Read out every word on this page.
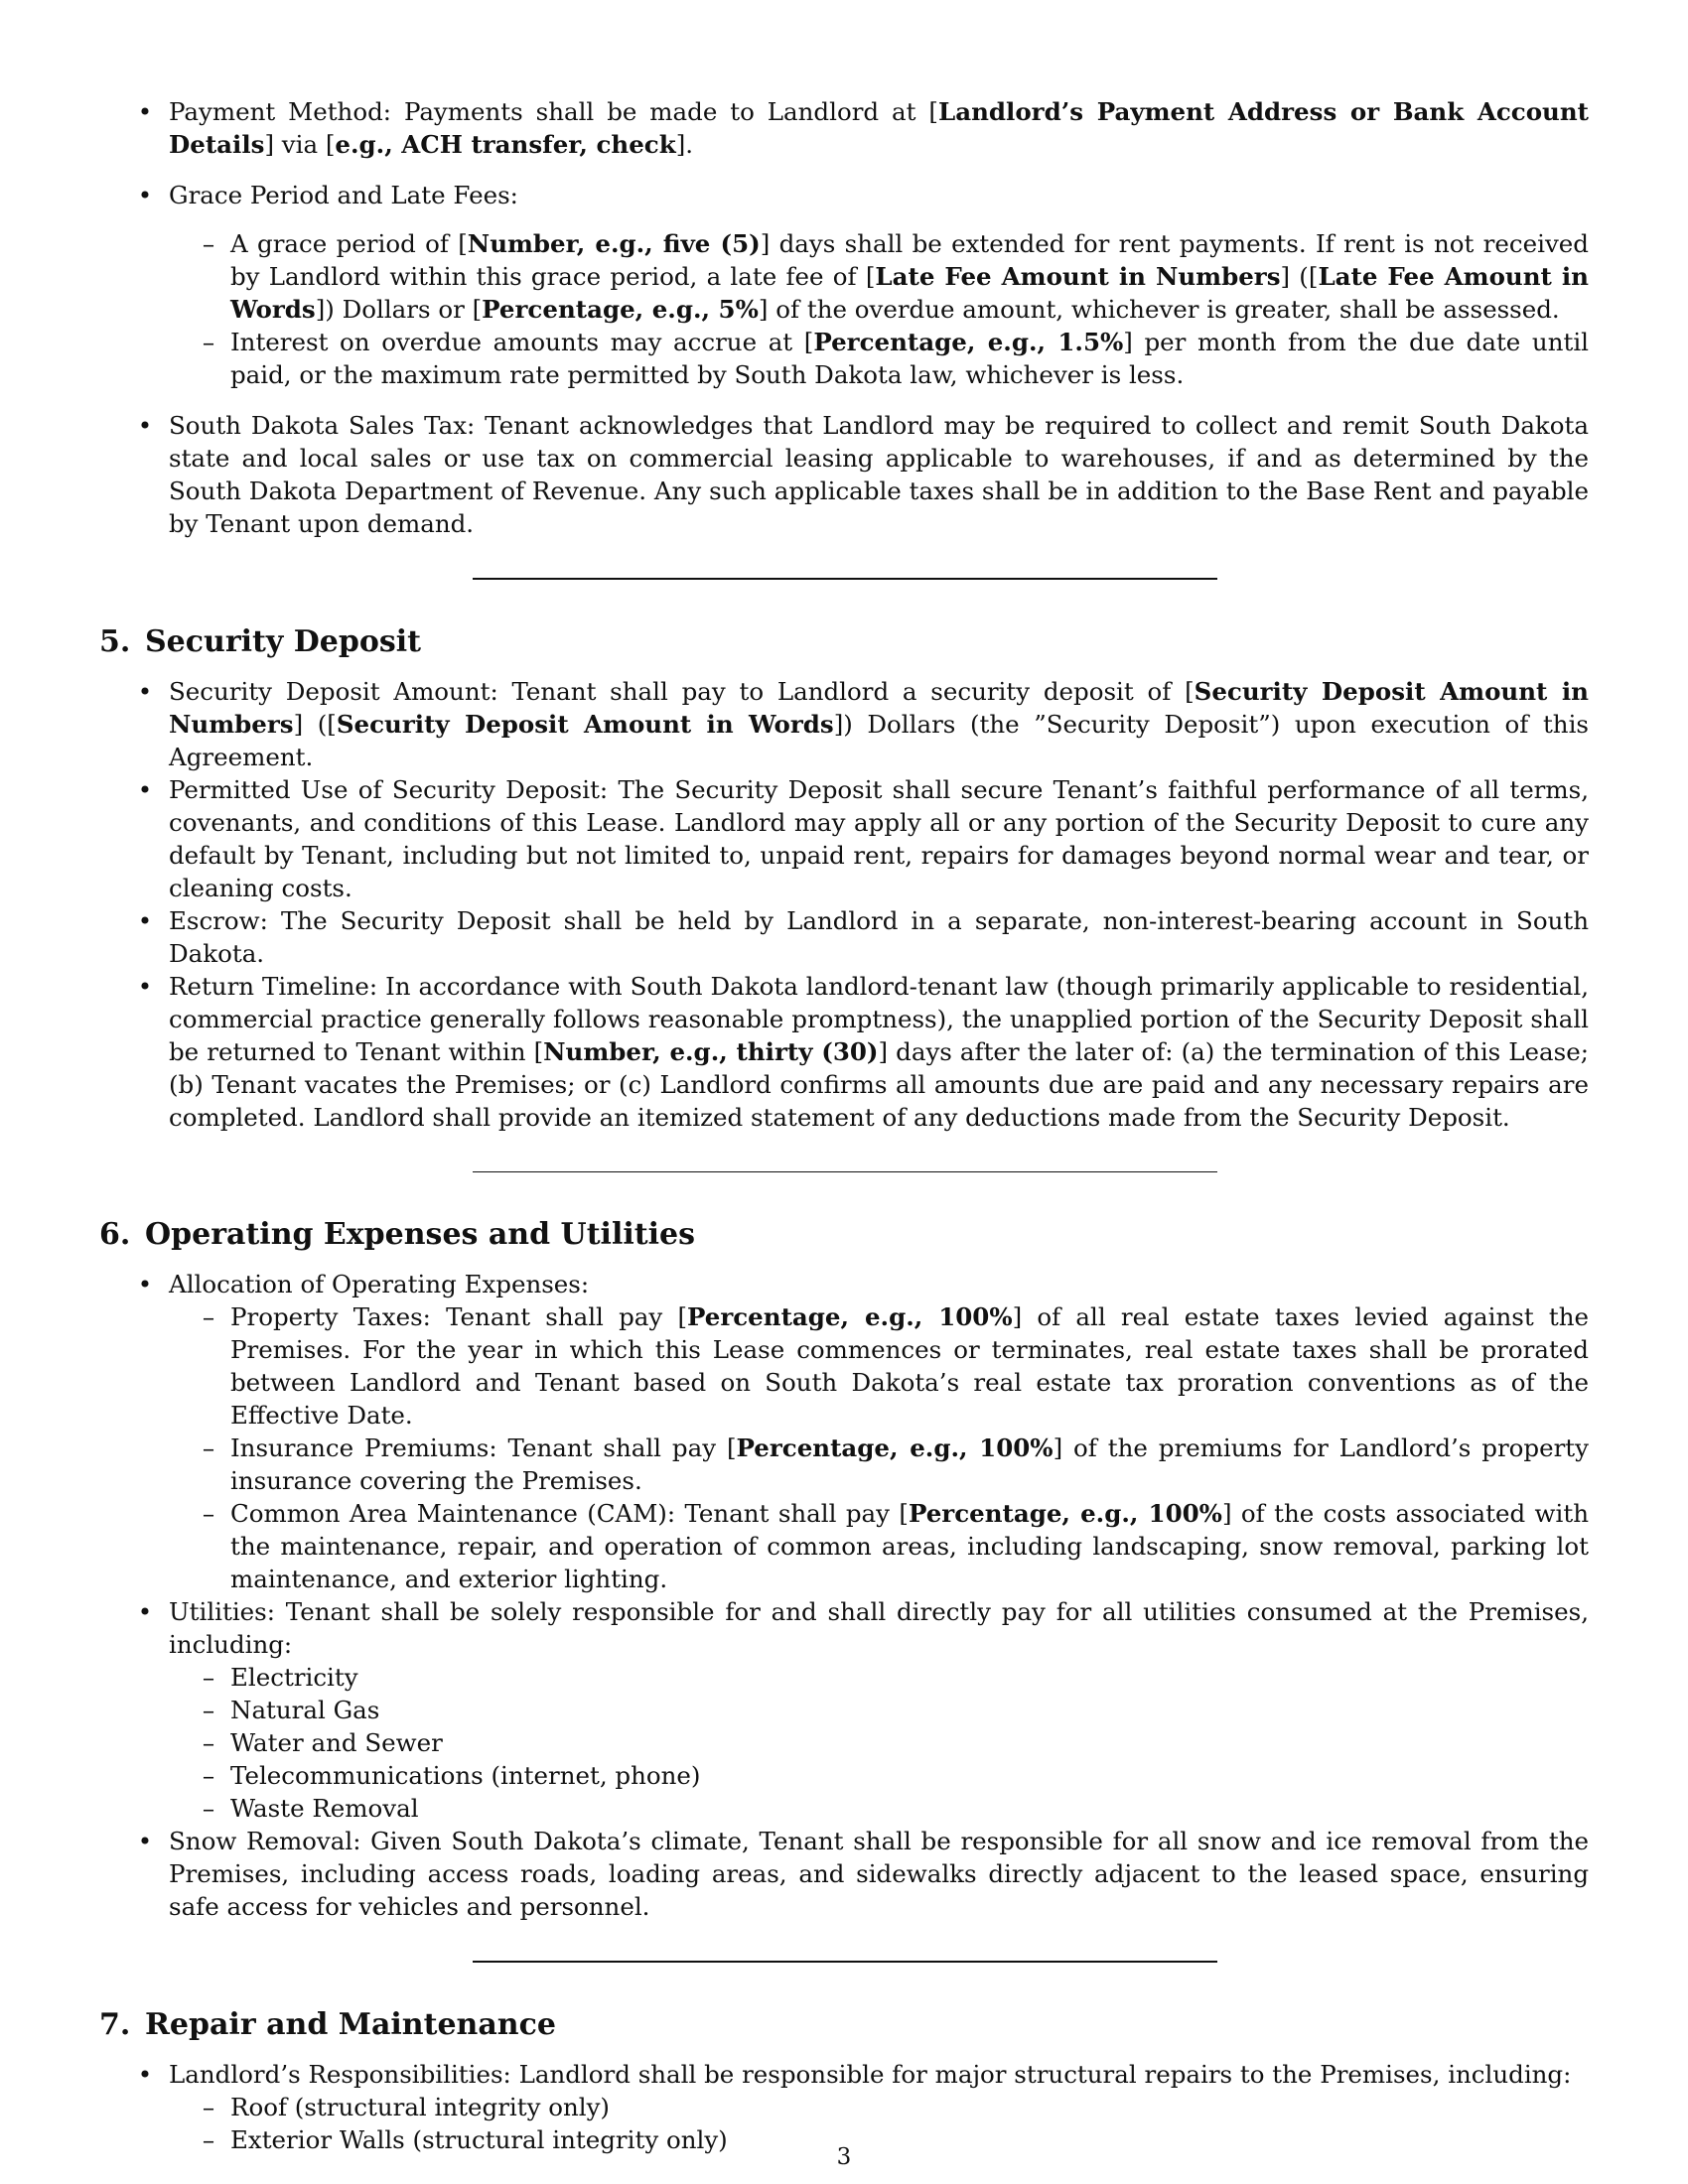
• Payment Method: Payments shall be made to Landlord at [Landlord’s Payment Address or Bank Account Details] via [e.g., ACH transfer, check].
• Grace Period and Late Fees:
– A grace period of [Number, e.g., five (5)] days shall be extended for rent payments. If rent is not received by Landlord within this grace period, a late fee of [Late Fee Amount in Numbers] ([Late Fee Amount in Words]) Dollars or [Percentage, e.g., 5%] of the overdue amount, whichever is greater, shall be assessed.
– Interest on overdue amounts may accrue at [Percentage, e.g., 1.5%] per month from the due date until paid, or the maximum rate permitted by South Dakota law, whichever is less.
• South Dakota Sales Tax: Tenant acknowledges that Landlord may be required to collect and remit South Dakota state and local sales or use tax on commercial leasing applicable to warehouses, if and as determined by the South Dakota Department of Revenue. Any such applicable taxes shall be in addition to the Base Rent and payable by Tenant upon demand.
5. Security Deposit
• Security Deposit Amount: Tenant shall pay to Landlord a security deposit of [Security Deposit Amount in Numbers] ([Security Deposit Amount in Words]) Dollars (the ”Security Deposit”) upon execution of this Agreement.
• Permitted Use of Security Deposit: The Security Deposit shall secure Tenant’s faithful performance of all terms, covenants, and conditions of this Lease. Landlord may apply all or any portion of the Security Deposit to cure any default by Tenant, including but not limited to, unpaid rent, repairs for damages beyond normal wear and tear, or cleaning costs.
• Escrow: The Security Deposit shall be held by Landlord in a separate, non-interest-bearing account in South Dakota.
• Return Timeline: In accordance with South Dakota landlord-tenant law (though primarily applicable to residential, commercial practice generally follows reasonable promptness), the unapplied portion of the Security Deposit shall be returned to Tenant within [Number, e.g., thirty (30)] days after the later of: (a) the termination of this Lease; (b) Tenant vacates the Premises; or (c) Landlord confirms all amounts due are paid and any necessary repairs are completed. Landlord shall provide an itemized statement of any deductions made from the Security Deposit.
6. Operating Expenses and Utilities
• Allocation of Operating Expenses:
– Property Taxes: Tenant shall pay [Percentage, e.g., 100%] of all real estate taxes levied against the Premises. For the year in which this Lease commences or terminates, real estate taxes shall be prorated between Landlord and Tenant based on South Dakota’s real estate tax proration conventions as of the Effective Date.
– Insurance Premiums: Tenant shall pay [Percentage, e.g., 100%] of the premiums for Landlord’s property insurance covering the Premises.
– Common Area Maintenance (CAM): Tenant shall pay [Percentage, e.g., 100%] of the costs associated with the maintenance, repair, and operation of common areas, including landscaping, snow removal, parking lot maintenance, and exterior lighting.
• Utilities: Tenant shall be solely responsible for and shall directly pay for all utilities consumed at the Premises, including:
– Electricity
– Natural Gas
– Water and Sewer
– Telecommunications (internet, phone)
– Waste Removal
• Snow Removal: Given South Dakota’s climate, Tenant shall be responsible for all snow and ice removal from the Premises, including access roads, loading areas, and sidewalks directly adjacent to the leased space, ensuring safe access for vehicles and personnel.
7. Repair and Maintenance
• Landlord’s Responsibilities: Landlord shall be responsible for major structural repairs to the Premises, including:
– Roof (structural integrity only)
– Exterior Walls (structural integrity only)
3
